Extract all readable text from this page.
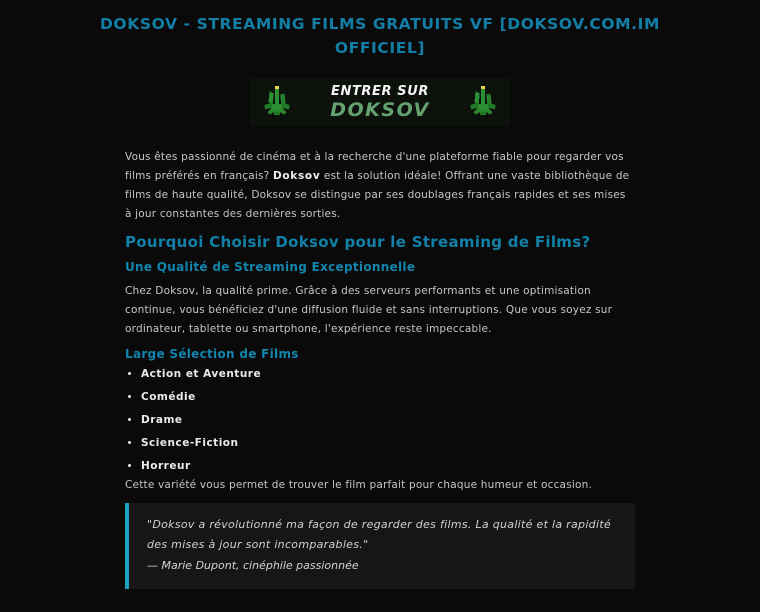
DOKSOV - STREAMING FILMS GRATUITS VF [DOKSOV.COM.IM OFFICIEL]
ENTRER SUR
DOKSOV

Vous êtes passionné de cinéma et à la recherche d'une plateforme fiable pour regarder vos films préférés en français? Doksov est la solution idéale! Offrant une vaste bibliothèque de films de haute qualité, Doksov se distingue par ses doublages français rapides et ses mises à jour constantes des dernières sorties.

Pourquoi Choisir Doksov pour le Streaming de Films?
Une Qualité de Streaming Exceptionnelle

Chez Doksov, la qualité prime. Grâce à des serveurs performants et une optimisation continue, vous bénéficiez d'une diffusion fluide et sans interruptions. Que vous soyez sur ordinateur, tablette ou smartphone, l'expérience reste impeccable.

Large Sélection de Films
• Action et Aventure
• Comédie
• Drame
• Science-Fiction
• Horreur

Cette variété vous permet de trouver le film parfait pour chaque humeur et occasion.

"Doksov a révolutionné ma façon de regarder des films. La qualité et la rapidité des mises à jour sont incomparables."
— Marie Dupont, cinéphile passionnée
